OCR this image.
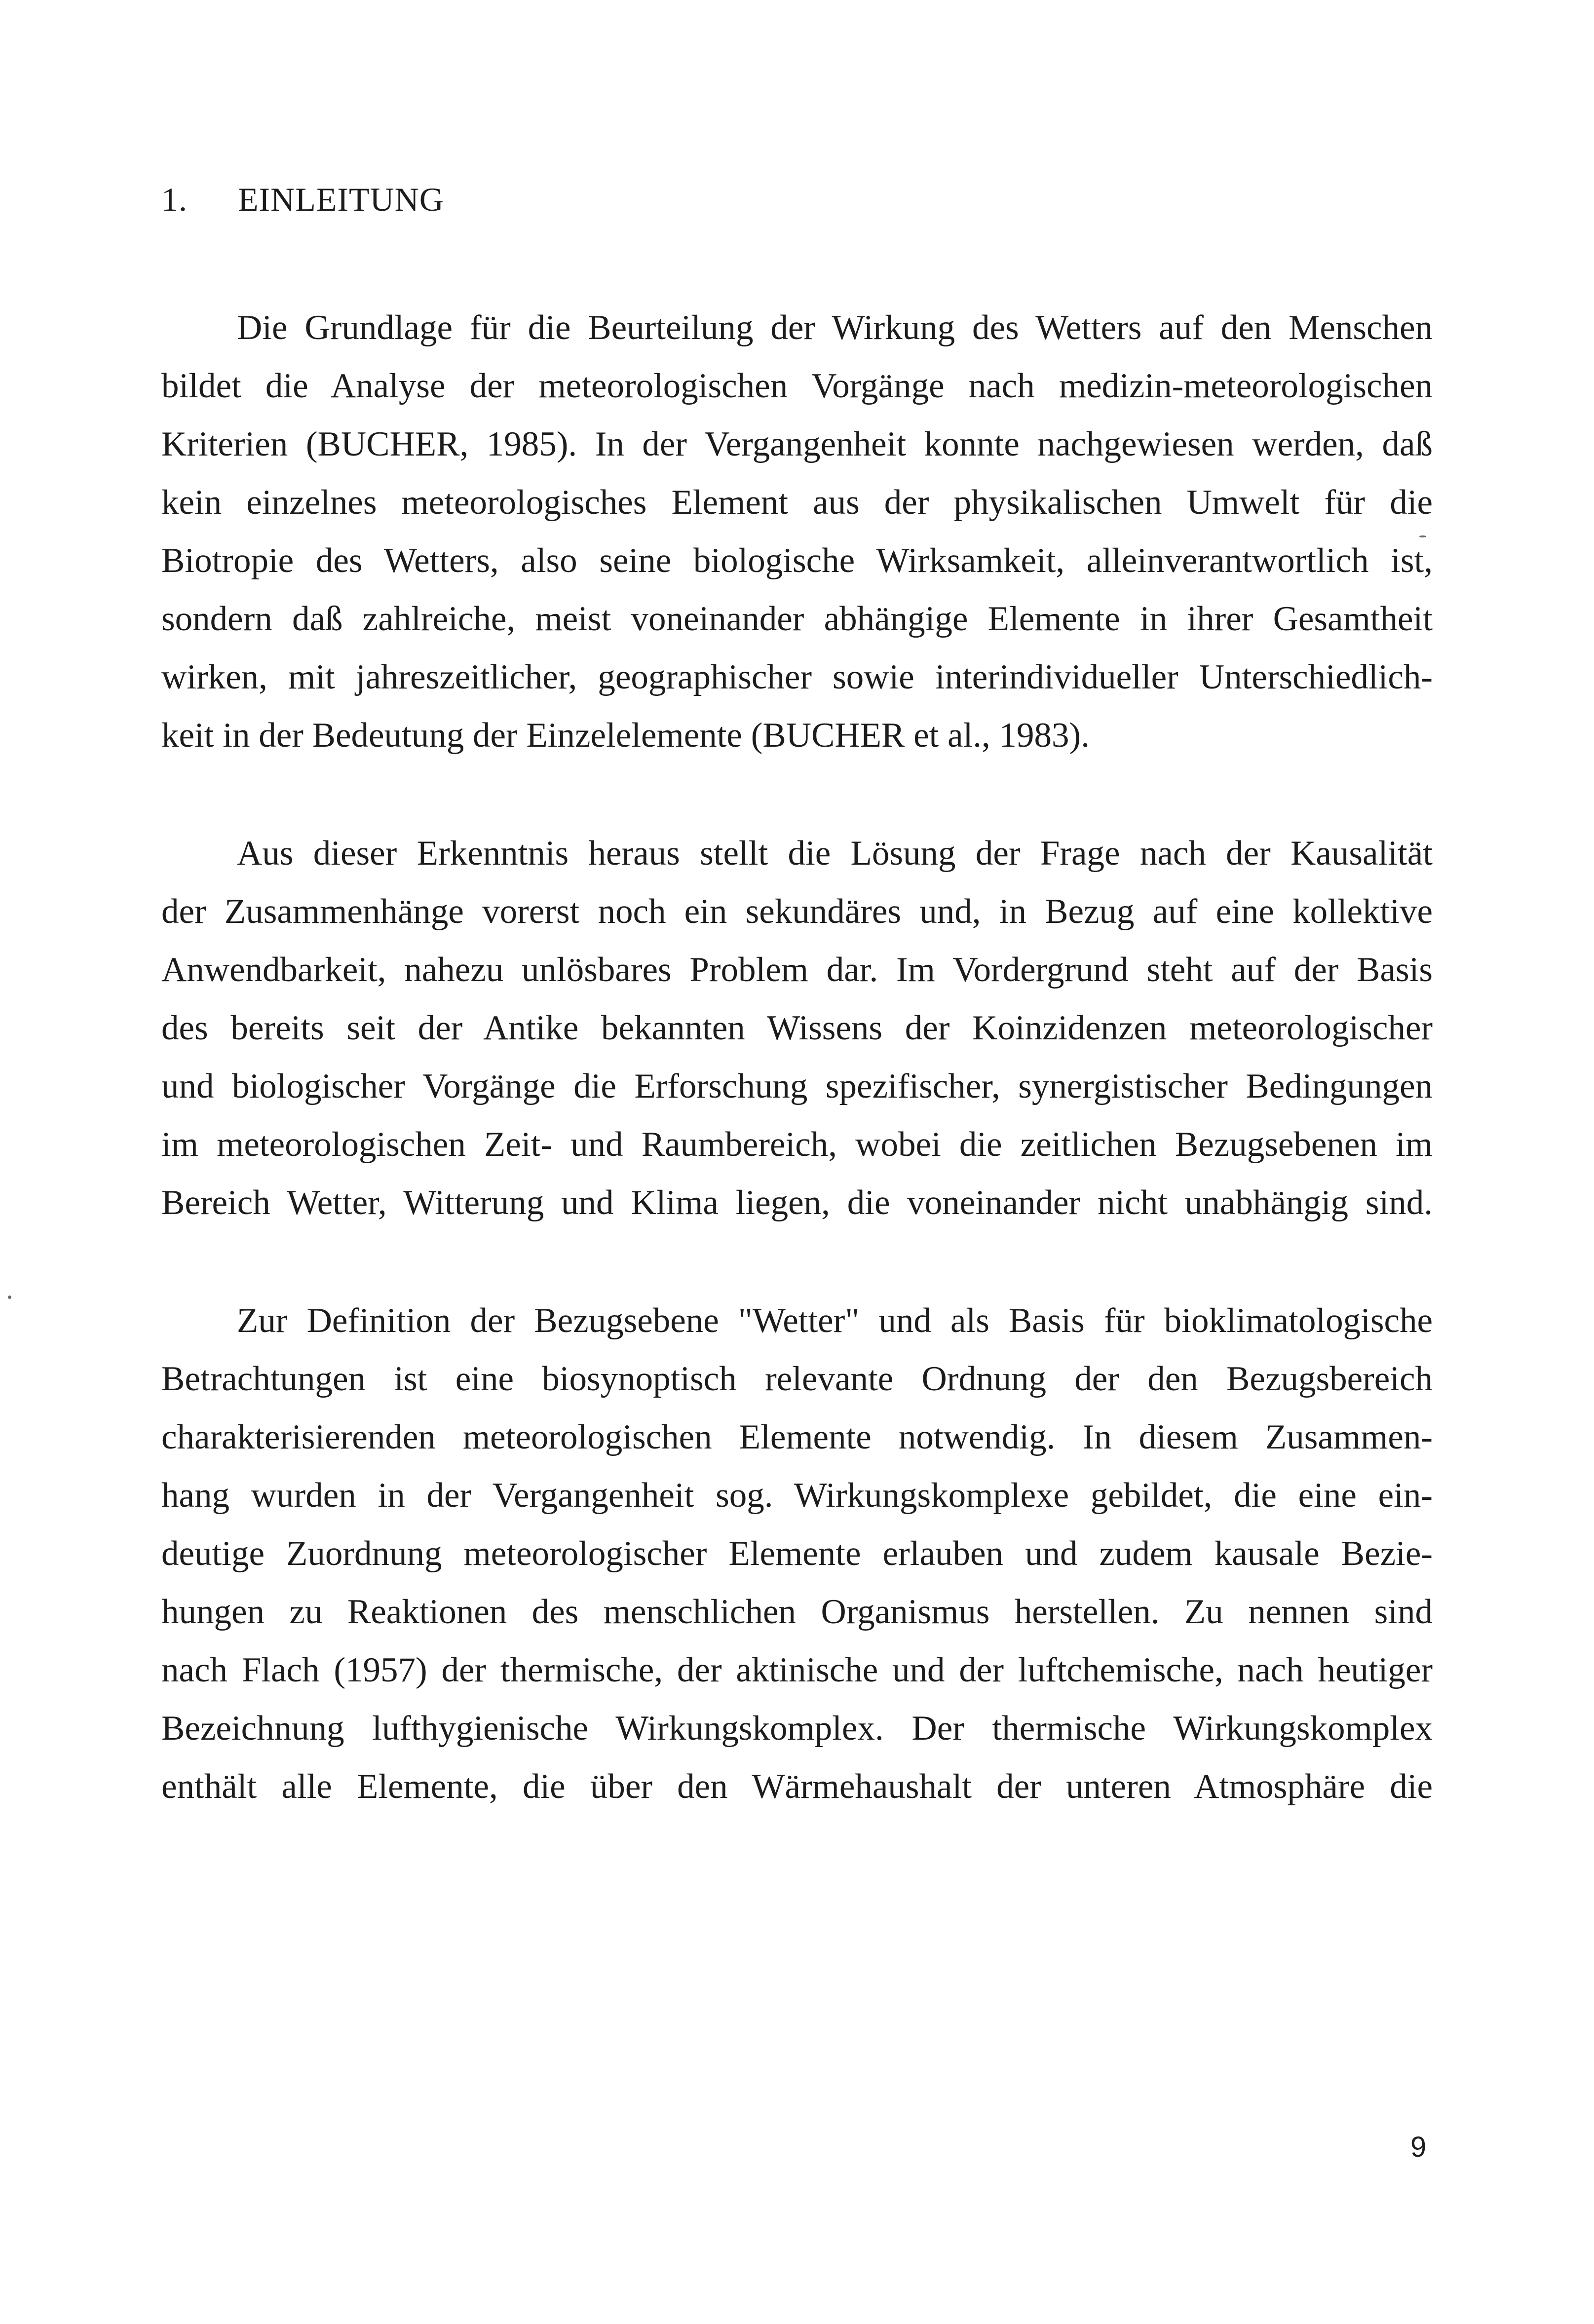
1. EINLEITUNG
Die Grundlage für die Beurteilung der Wirkung des Wetters auf den Menschen
bildet die Analyse der meteorologischen Vorgänge nach medizin-meteorologischen
Kriterien (BUCHER, 1985). In der Vergangenheit konnte nachgewiesen werden, daß
kein einzelnes meteorologisches Element aus der physikalischen Umwelt für die
Biotropie des Wetters, also seine biologische Wirksamkeit, alleinverantwortlich ist,
sondern daß zahlreiche, meist voneinander abhängige Elemente in ihrer Gesamtheit
wirken, mit jahreszeitlicher, geographischer sowie interindividueller Unterschiedlich-
keit in der Bedeutung der Einzelelemente (BUCHER et al., 1983).
Aus dieser Erkenntnis heraus stellt die Lösung der Frage nach der Kausalität
der Zusammenhänge vorerst noch ein sekundäres und, in Bezug auf eine kollektive
Anwendbarkeit, nahezu unlösbares Problem dar. Im Vordergrund steht auf der Basis
des bereits seit der Antike bekannten Wissens der Koinzidenzen meteorologischer
und biologischer Vorgänge die Erforschung spezifischer, synergistischer Bedingungen
im meteorologischen Zeit- und Raumbereich, wobei die zeitlichen Bezugsebenen im
Bereich Wetter, Witterung und Klima liegen, die voneinander nicht unabhängig sind.
Zur Definition der Bezugsebene "Wetter" und als Basis für bioklimatologische
Betrachtungen ist eine biosynoptisch relevante Ordnung der den Bezugsbereich
charakterisierenden meteorologischen Elemente notwendig. In diesem Zusammen-
hang wurden in der Vergangenheit sog. Wirkungskomplexe gebildet, die eine ein-
deutige Zuordnung meteorologischer Elemente erlauben und zudem kausale Bezie-
hungen zu Reaktionen des menschlichen Organismus herstellen. Zu nennen sind
nach Flach (1957) der thermische, der aktinische und der luftchemische, nach heutiger
Bezeichnung lufthygienische Wirkungskomplex. Der thermische Wirkungskomplex
enthält alle Elemente, die über den Wärmehaushalt der unteren Atmosphäre die
9
